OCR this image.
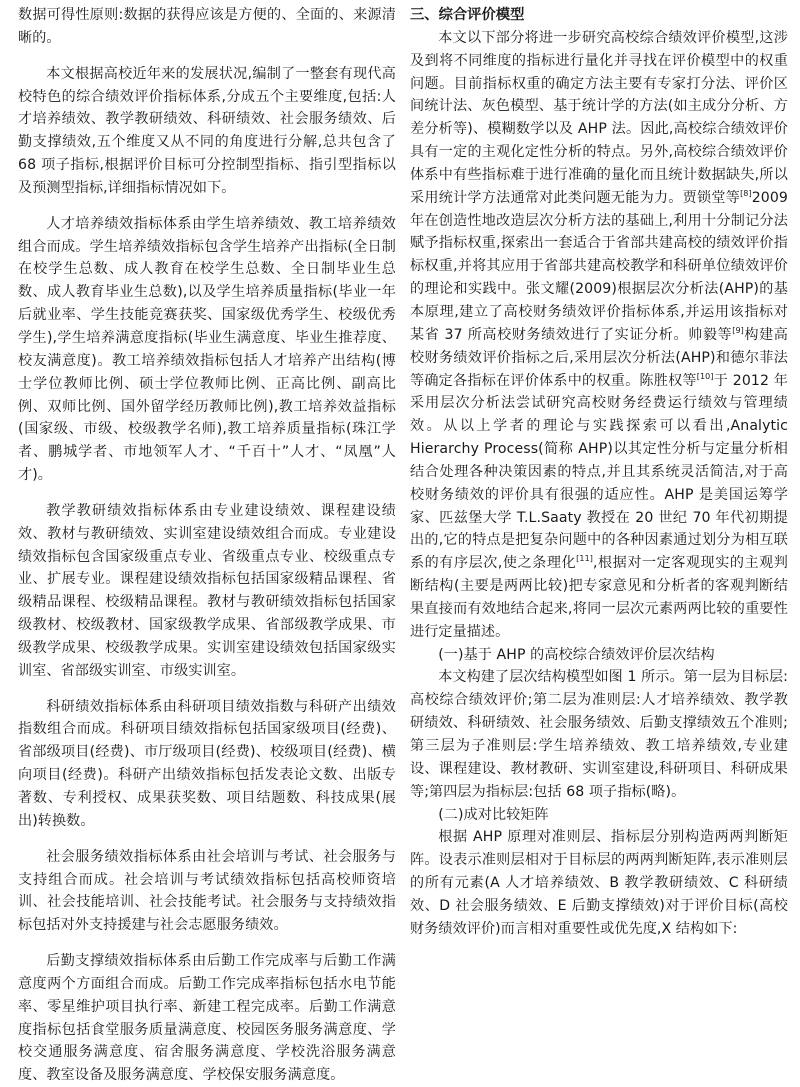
数据可得性原则:数据的获得应该是方便的、全面的、来源清晰的。

本文根据高校近年来的发展状况,编制了一整套有现代高校特色的综合绩效评价指标体系,分成五个主要维度,包括:人才培养绩效、教学教研绩效、科研绩效、社会服务绩效、后勤支撑绩效,五个维度又从不同的角度进行分解,总共包含了 68 项子指标,根据评价目标可分控制型指标、指引型指标以及预测型指标,详细指标情况如下。

人才培养绩效指标体系由学生培养绩效、教工培养绩效组合而成。学生培养绩效指标包含学生培养产出指标(全日制在校学生总数、成人教育在校学生总数、全日制毕业生总数、成人教育毕业生总数),以及学生培养质量指标(毕业一年后就业率、学生技能竞赛获奖、国家级优秀学生、校级优秀学生),学生培养满意度指标(毕业生满意度、毕业生推荐度、校友满意度)。教工培养绩效指标包括人才培养产出结构(博士学位教师比例、硕士学位教师比例、正高比例、副高比例、双师比例、国外留学经历教师比例),教工培养效益指标(国家级、市级、校级教学名师),教工培养质量指标(珠江学者、鹏城学者、市地领军人才、“千百十”人才、“凤凰”人才)。

教学教研绩效指标体系由专业建设绩效、课程建设绩效、教材与教研绩效、实训室建设绩效组合而成。专业建设绩效指标包含国家级重点专业、省级重点专业、校级重点专业、扩展专业。课程建设绩效指标包括国家级精品课程、省级精品课程、校级精品课程。教材与教研绩效指标包括国家级教材、校级教材、国家级教学成果、省部级教学成果、市级教学成果、校级教学成果。实训室建设绩效包括国家级实训室、省部级实训室、市级实训室。

科研绩效指标体系由科研项目绩效指数与科研产出绩效指数组合而成。科研项目绩效指标包括国家级项目(经费)、省部级项目(经费)、市厅级项目(经费)、校级项目(经费)、横向项目(经费)。科研产出绩效指标包括发表论文数、出版专著数、专利授权、成果获奖数、项目结题数、科技成果(展出)转换数。

社会服务绩效指标体系由社会培训与考试、社会服务与支持组合而成。社会培训与考试绩效指标包括高校师资培训、社会技能培训、社会技能考试。社会服务与支持绩效指标包括对外支持援建与社会志愿服务绩效。

后勤支撑绩效指标体系由后勤工作完成率与后勤工作满意度两个方面组合而成。后勤工作完成率指标包括水电节能率、零星维护项目执行率、新建工程完成率。后勤工作满意度指标包括食堂服务质量满意度、校园医务服务满意度、学校交通服务满意度、宿舍服务满意度、学校洗浴服务满意度、教室设备及服务满意度、学校保安服务满意度。

三、综合评价模型

本文以下部分将进一步研究高校综合绩效评价模型,这涉及到将不同维度的指标进行量化并寻找在评价模型中的权重问题。目前指标权重的确定方法主要有专家打分法、评价区间统计法、灰色模型、基于统计学的方法(如主成分分析、方差分析等)、模糊数学以及 AHP 法。因此,高校综合绩效评价具有一定的主观化定性分析的特点。另外,高校综合绩效评价体系中有些指标难于进行准确的量化而且统计数据缺失,所以采用统计学方法通常对此类问题无能为力。贾锁堂等[8]2009 年在创造性地改造层次分析方法的基础上,利用十分制记分法赋予指标权重,探索出一套适合于省部共建高校的绩效评价指标权重,并将其应用于省部共建高校教学和科研单位绩效评价的理论和实践中。张文耀(2009)根据层次分析法(AHP)的基本原理,建立了高校财务绩效评价指标体系,并运用该指标对某省 37 所高校财务绩效进行了实证分析。帅毅等[9]构建高校财务绩效评价指标之后,采用层次分析法(AHP)和德尔菲法等确定各指标在评价体系中的权重。陈胜权等[10]于 2012 年采用层次分析法尝试研究高校财务经费运行绩效与管理绩效。从以上学者的理论与实践探索可以看出,Analytic Hierarchy Process(简称 AHP)以其定性分析与定量分析相结合处理各种决策因素的特点,并且其系统灵活简洁,对于高校财务绩效的评价具有很强的适应性。AHP 是美国运筹学家、匹兹堡大学 T.L.Saaty 教授在 20 世纪 70 年代初期提出的,它的特点是把复杂问题中的各种因素通过划分为相互联系的有序层次,使之条理化[11],根据对一定客观现实的主观判断结构(主要是两两比较)把专家意见和分析者的客观判断结果直接而有效地结合起来,将同一层次元素两两比较的重要性进行定量描述。

(一)基于 AHP 的高校综合绩效评价层次结构

本文构建了层次结构模型如图 1 所示。第一层为目标层:高校综合绩效评价;第二层为准则层:人才培养绩效、教学教研绩效、科研绩效、社会服务绩效、后勤支撑绩效五个准则;第三层为子准则层:学生培养绩效、教工培养绩效,专业建设、课程建设、教材教研、实训室建设,科研项目、科研成果等;第四层为指标层:包括 68 项子指标(略)。

(二)成对比较矩阵

根据 AHP 原理对准则层、指标层分别构造两两判断矩阵。设表示准则层相对于目标层的两两判断矩阵,表示准则层的所有元素(A 人才培养绩效、B 教学教研绩效、C 科研绩效、D 社会服务绩效、E 后勤支撑绩效)对于评价目标(高校财务绩效评价)而言相对重要性或优先度,X 结构如下:
